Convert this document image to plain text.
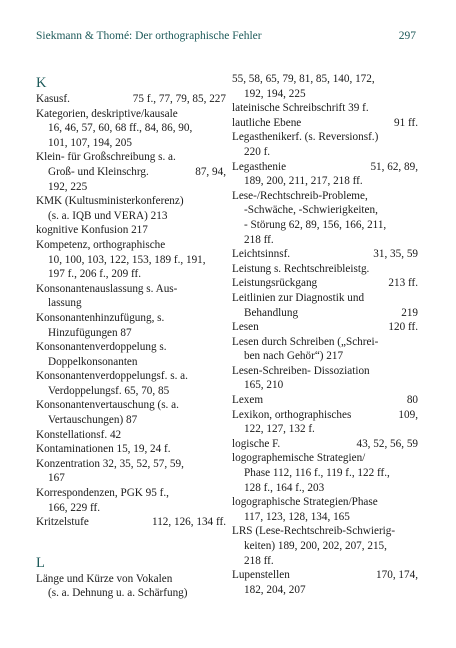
Siekmann & Thomé: Der orthographische Fehler	297
K
Kasusf.	75 f., 77, 79, 85, 227
Kategorien, deskriptive/kausale
16, 46, 57, 60, 68 ff., 84, 86, 90,
101, 107, 194, 205
Klein- für Großschreibung s. a.
Groß- und Kleinschrg.	87, 94,
192, 225
KMK (Kultusministerkonferenz)
(s. a. IQB und VERA) 213
kognitive Konfusion 217
Kompetenz, orthographische
10, 100, 103, 122, 153, 189 f., 191,
197 f., 206 f., 209 ff.
Konsonantenauslassung s. Aus-
lassung
Konsonantenhinzufügung, s.
Hinzufügungen 87
Konsonantenverdoppelung s.
Doppelkonsonanten
Konsonantenverdoppelungsf. s. a.
Verdoppelungsf. 65, 70, 85
Konsonantenvertauschung (s. a.
Vertauschungen) 87
Konstellationsf. 42
Kontaminationen 15, 19, 24 f.
Konzentration 32, 35, 52, 57, 59,
167
Korrespondenzen, PGK 95 f.,
166, 229 ff.
Kritzelstufe	112, 126, 134 ff.
L
Länge und Kürze von Vokalen
(s. a. Dehnung u. a. Schärfung)
55, 58, 65, 79, 81, 85, 140, 172,
192, 194, 225
lateinische Schreibschrift 39 f.
lautliche Ebene	91 ff.
Legasthenikerf. (s. Reversionsf.)
220 f.
Legasthenie	51, 62, 89,
189, 200, 211, 217, 218 ff.
Lese-/Rechtschreib-Probleme,
-Schwäche, -Schwierigkeiten,
- Störung 62, 89, 156, 166, 211,
218 ff.
Leichtsinnsf.	31, 35, 59
Leistung s. Rechtschreibleistg.
Leistungsrückgang	213 ff.
Leitlinien zur Diagnostik und
Behandlung	219
Lesen	120 ff.
Lesen durch Schreiben („Schrei-
ben nach Gehör“) 217
Lesen-Schreiben- Dissoziation
165, 210
Lexem	80
Lexikon, orthographisches	109,
122, 127, 132 f.
logische F.	43, 52, 56, 59
logographemische Strategien/
Phase 112, 116 f., 119 f., 122 ff.,
128 f., 164 f., 203
logographische Strategien/Phase
117, 123, 128, 134, 165
LRS (Lese-Rechtschreib-Schwierig-
keiten) 189, 200, 202, 207, 215,
218 ff.
Lupenstellen	170, 174,
182, 204, 207
